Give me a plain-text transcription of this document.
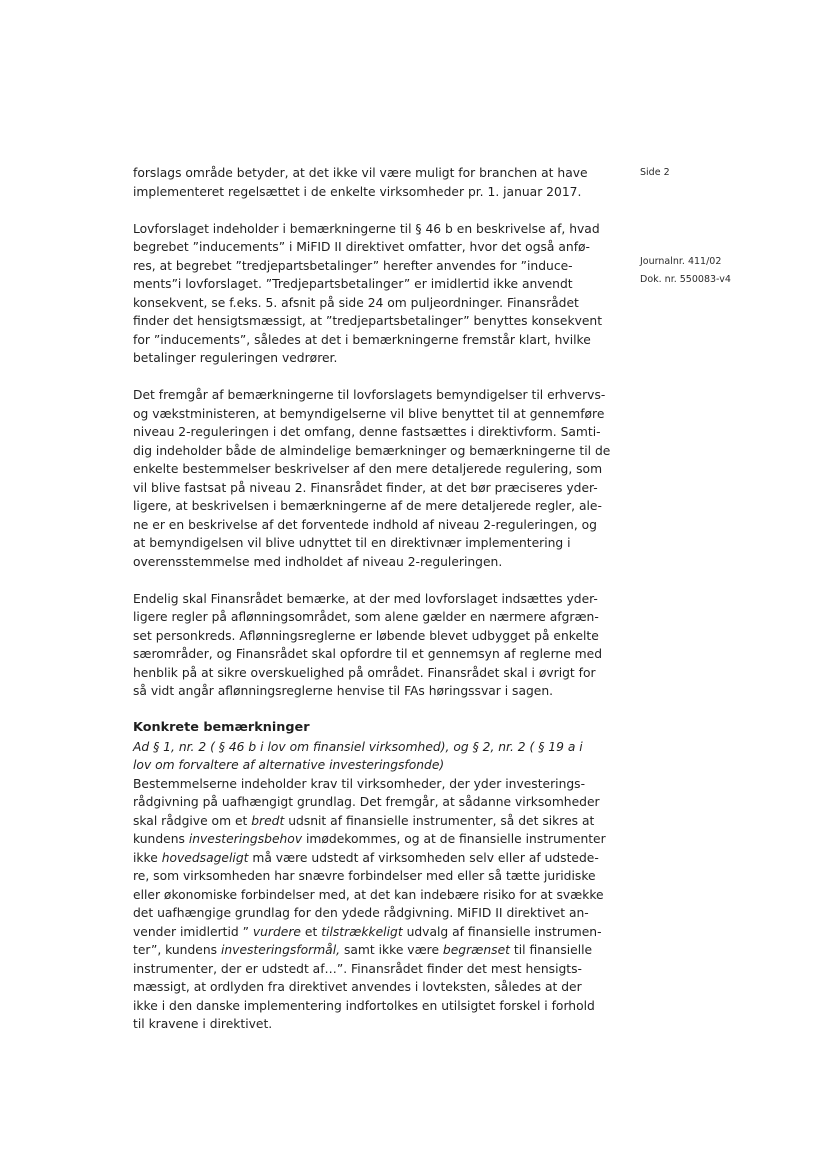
Side 2
Journalnr. 411/02
Dok. nr. 550083-v4

forslags område betyder, at det ikke vil være muligt for branchen at have
implementeret regelsættet i de enkelte virksomheder pr. 1. januar 2017.

Lovforslaget indeholder i bemærkningerne til § 46 b en beskrivelse af, hvad
begrebet ”inducements” i MiFID II direktivet omfatter, hvor det også anfø-
res, at begrebet ”tredjepartsbetalinger” herefter anvendes for ”induce-
ments”i lovforslaget. ”Tredjepartsbetalinger” er imidlertid ikke anvendt
konsekvent, se f.eks. 5. afsnit på side 24 om puljeordninger. Finansrådet
finder det hensigtsmæssigt, at ”tredjepartsbetalinger” benyttes konsekvent
for ”inducements”, således at det i bemærkningerne fremstår klart, hvilke
betalinger reguleringen vedrører.

Det fremgår af bemærkningerne til lovforslagets bemyndigelser til erhvervs-
og vækstministeren, at bemyndigelserne vil blive benyttet til at gennemføre
niveau 2-reguleringen i det omfang, denne fastsættes i direktivform. Samti-
dig indeholder både de almindelige bemærkninger og bemærkningerne til de
enkelte bestemmelser beskrivelser af den mere detaljerede regulering, som
vil blive fastsat på niveau 2. Finansrådet finder, at det bør præciseres yder-
ligere, at beskrivelsen i bemærkningerne af de mere detaljerede regler, ale-
ne er en beskrivelse af det forventede indhold af niveau 2-reguleringen, og
at bemyndigelsen vil blive udnyttet til en direktivnær implementering i
overensstemmelse med indholdet af niveau 2-reguleringen.

Endelig skal Finansrådet bemærke, at der med lovforslaget indsættes yder-
ligere regler på aflønningsområdet, som alene gælder en nærmere afgræn-
set personkreds. Aflønningsreglerne er løbende blevet udbygget på enkelte
særområder, og Finansrådet skal opfordre til et gennemsyn af reglerne med
henblik på at sikre overskuelighed på området. Finansrådet skal i øvrigt for
så vidt angår aflønningsreglerne henvise til FAs høringssvar i sagen.

Konkrete bemærkninger
Ad § 1, nr. 2 ( § 46 b i lov om finansiel virksomhed), og § 2, nr. 2 ( § 19 a i
lov om forvaltere af alternative investeringsfonde)
Bestemmelserne indeholder krav til virksomheder, der yder investerings-
rådgivning på uafhængigt grundlag. Det fremgår, at sådanne virksomheder
skal rådgive om et bredt udsnit af finansielle instrumenter, så det sikres at
kundens investeringsbehov imødekommes, og at de finansielle instrumenter
ikke hovedsageligt må være udstedt af virksomheden selv eller af udstede-
re, som virksomheden har snævre forbindelser med eller så tætte juridiske
eller økonomiske forbindelser med, at det kan indebære risiko for at svække
det uafhængige grundlag for den ydede rådgivning. MiFID II direktivet an-
vender imidlertid ” vurdere et tilstrækkeligt udvalg af finansielle instrumen-
ter”, kundens investeringsformål, samt ikke være begrænset til finansielle
instrumenter, der er udstedt af…”. Finansrådet finder det mest hensigts-
mæssigt, at ordlyden fra direktivet anvendes i lovteksten, således at der
ikke i den danske implementering indfortolkes en utilsigtet forskel i forhold
til kravene i direktivet.
